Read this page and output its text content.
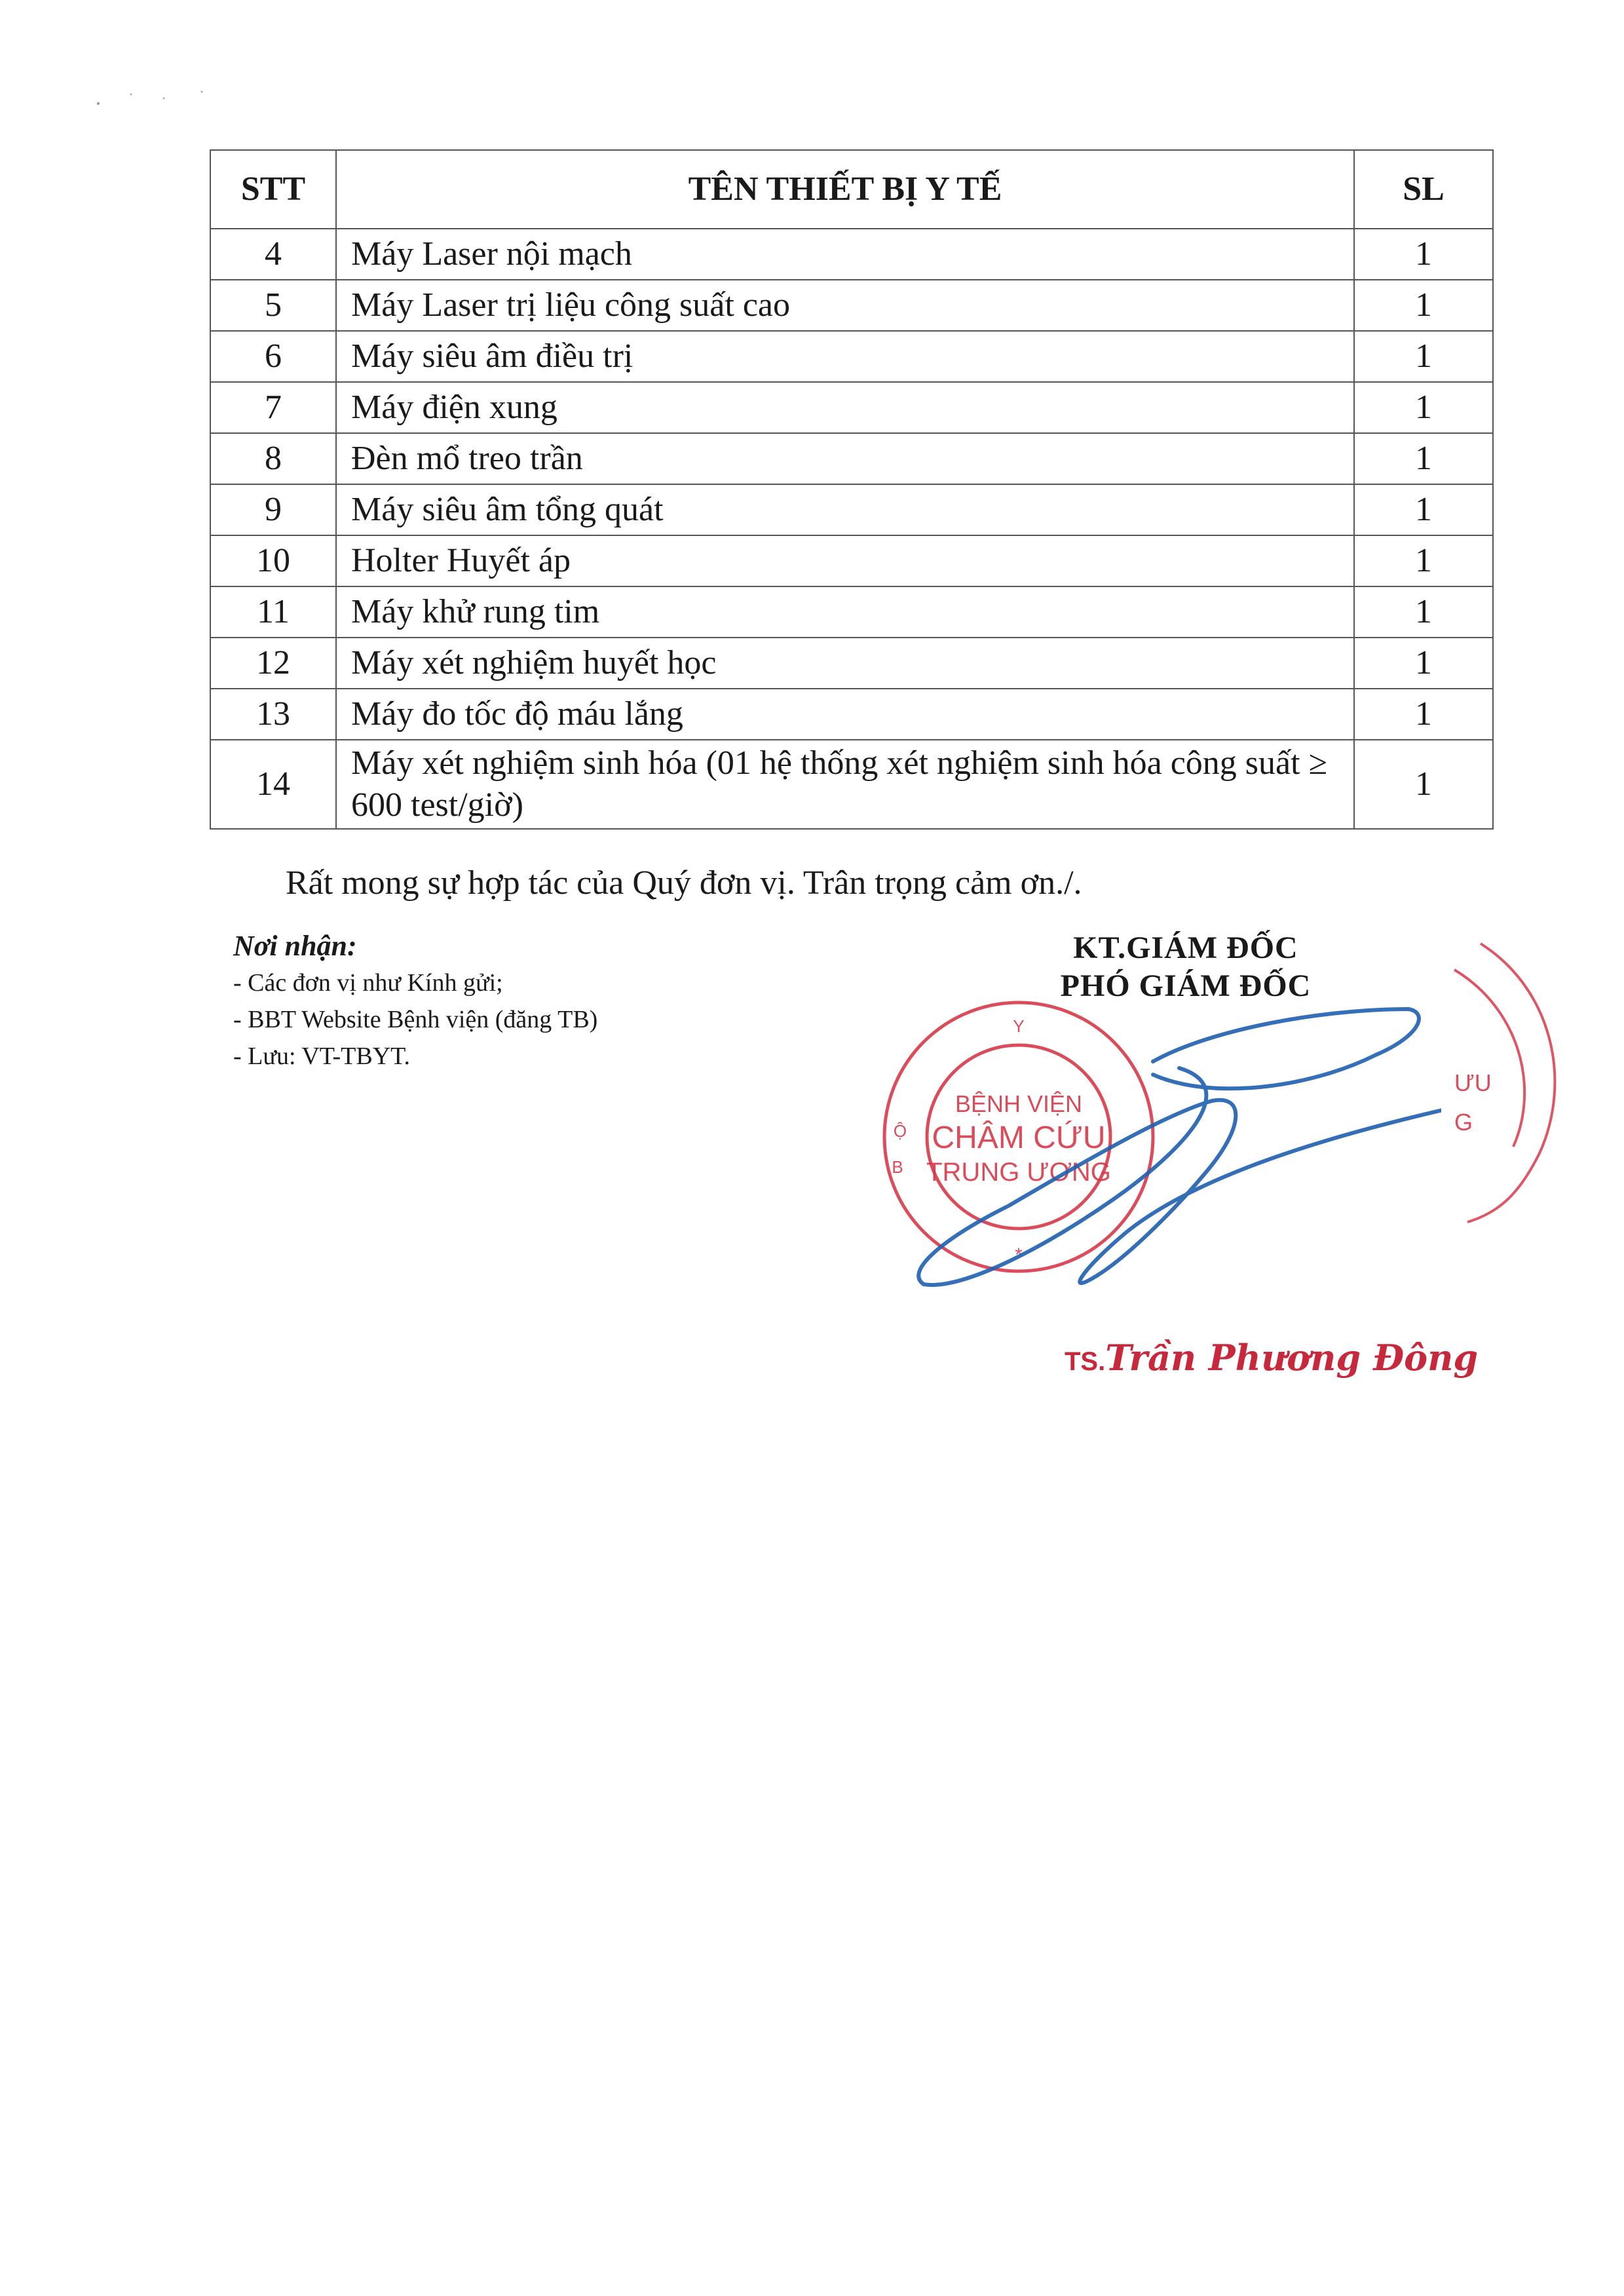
STT	TÊN THIẾT BỊ Y TẾ	SL
4	Máy Laser nội mạch	1
5	Máy Laser trị liệu công suất cao	1
6	Máy siêu âm điều trị	1
7	Máy điện xung	1
8	Đèn mổ treo trần	1
9	Máy siêu âm tổng quát	1
10	Holter Huyết áp	1
11	Máy khử rung tim	1
12	Máy xét nghiệm huyết học	1
13	Máy đo tốc độ máu lắng	1
14	Máy xét nghiệm sinh hóa (01 hệ thống xét nghiệm sinh hóa công suất ≥ 600 test/giờ)	1
Rất mong sự hợp tác của Quý đơn vị. Trân trọng cảm ơn./.
Nơi nhận:
- Các đơn vị như Kính gửi;
- BBT Website Bệnh viện (đăng TB)
- Lưu: VT-TBYT.
KT.GIÁM ĐỐC
PHÓ GIÁM ĐỐC
BỆNH VIỆN
CHÂM CỨU
TRUNG ƯƠNG
Y
Ộ
B
*
ƯU
G
TS.Trần Phương Đông
